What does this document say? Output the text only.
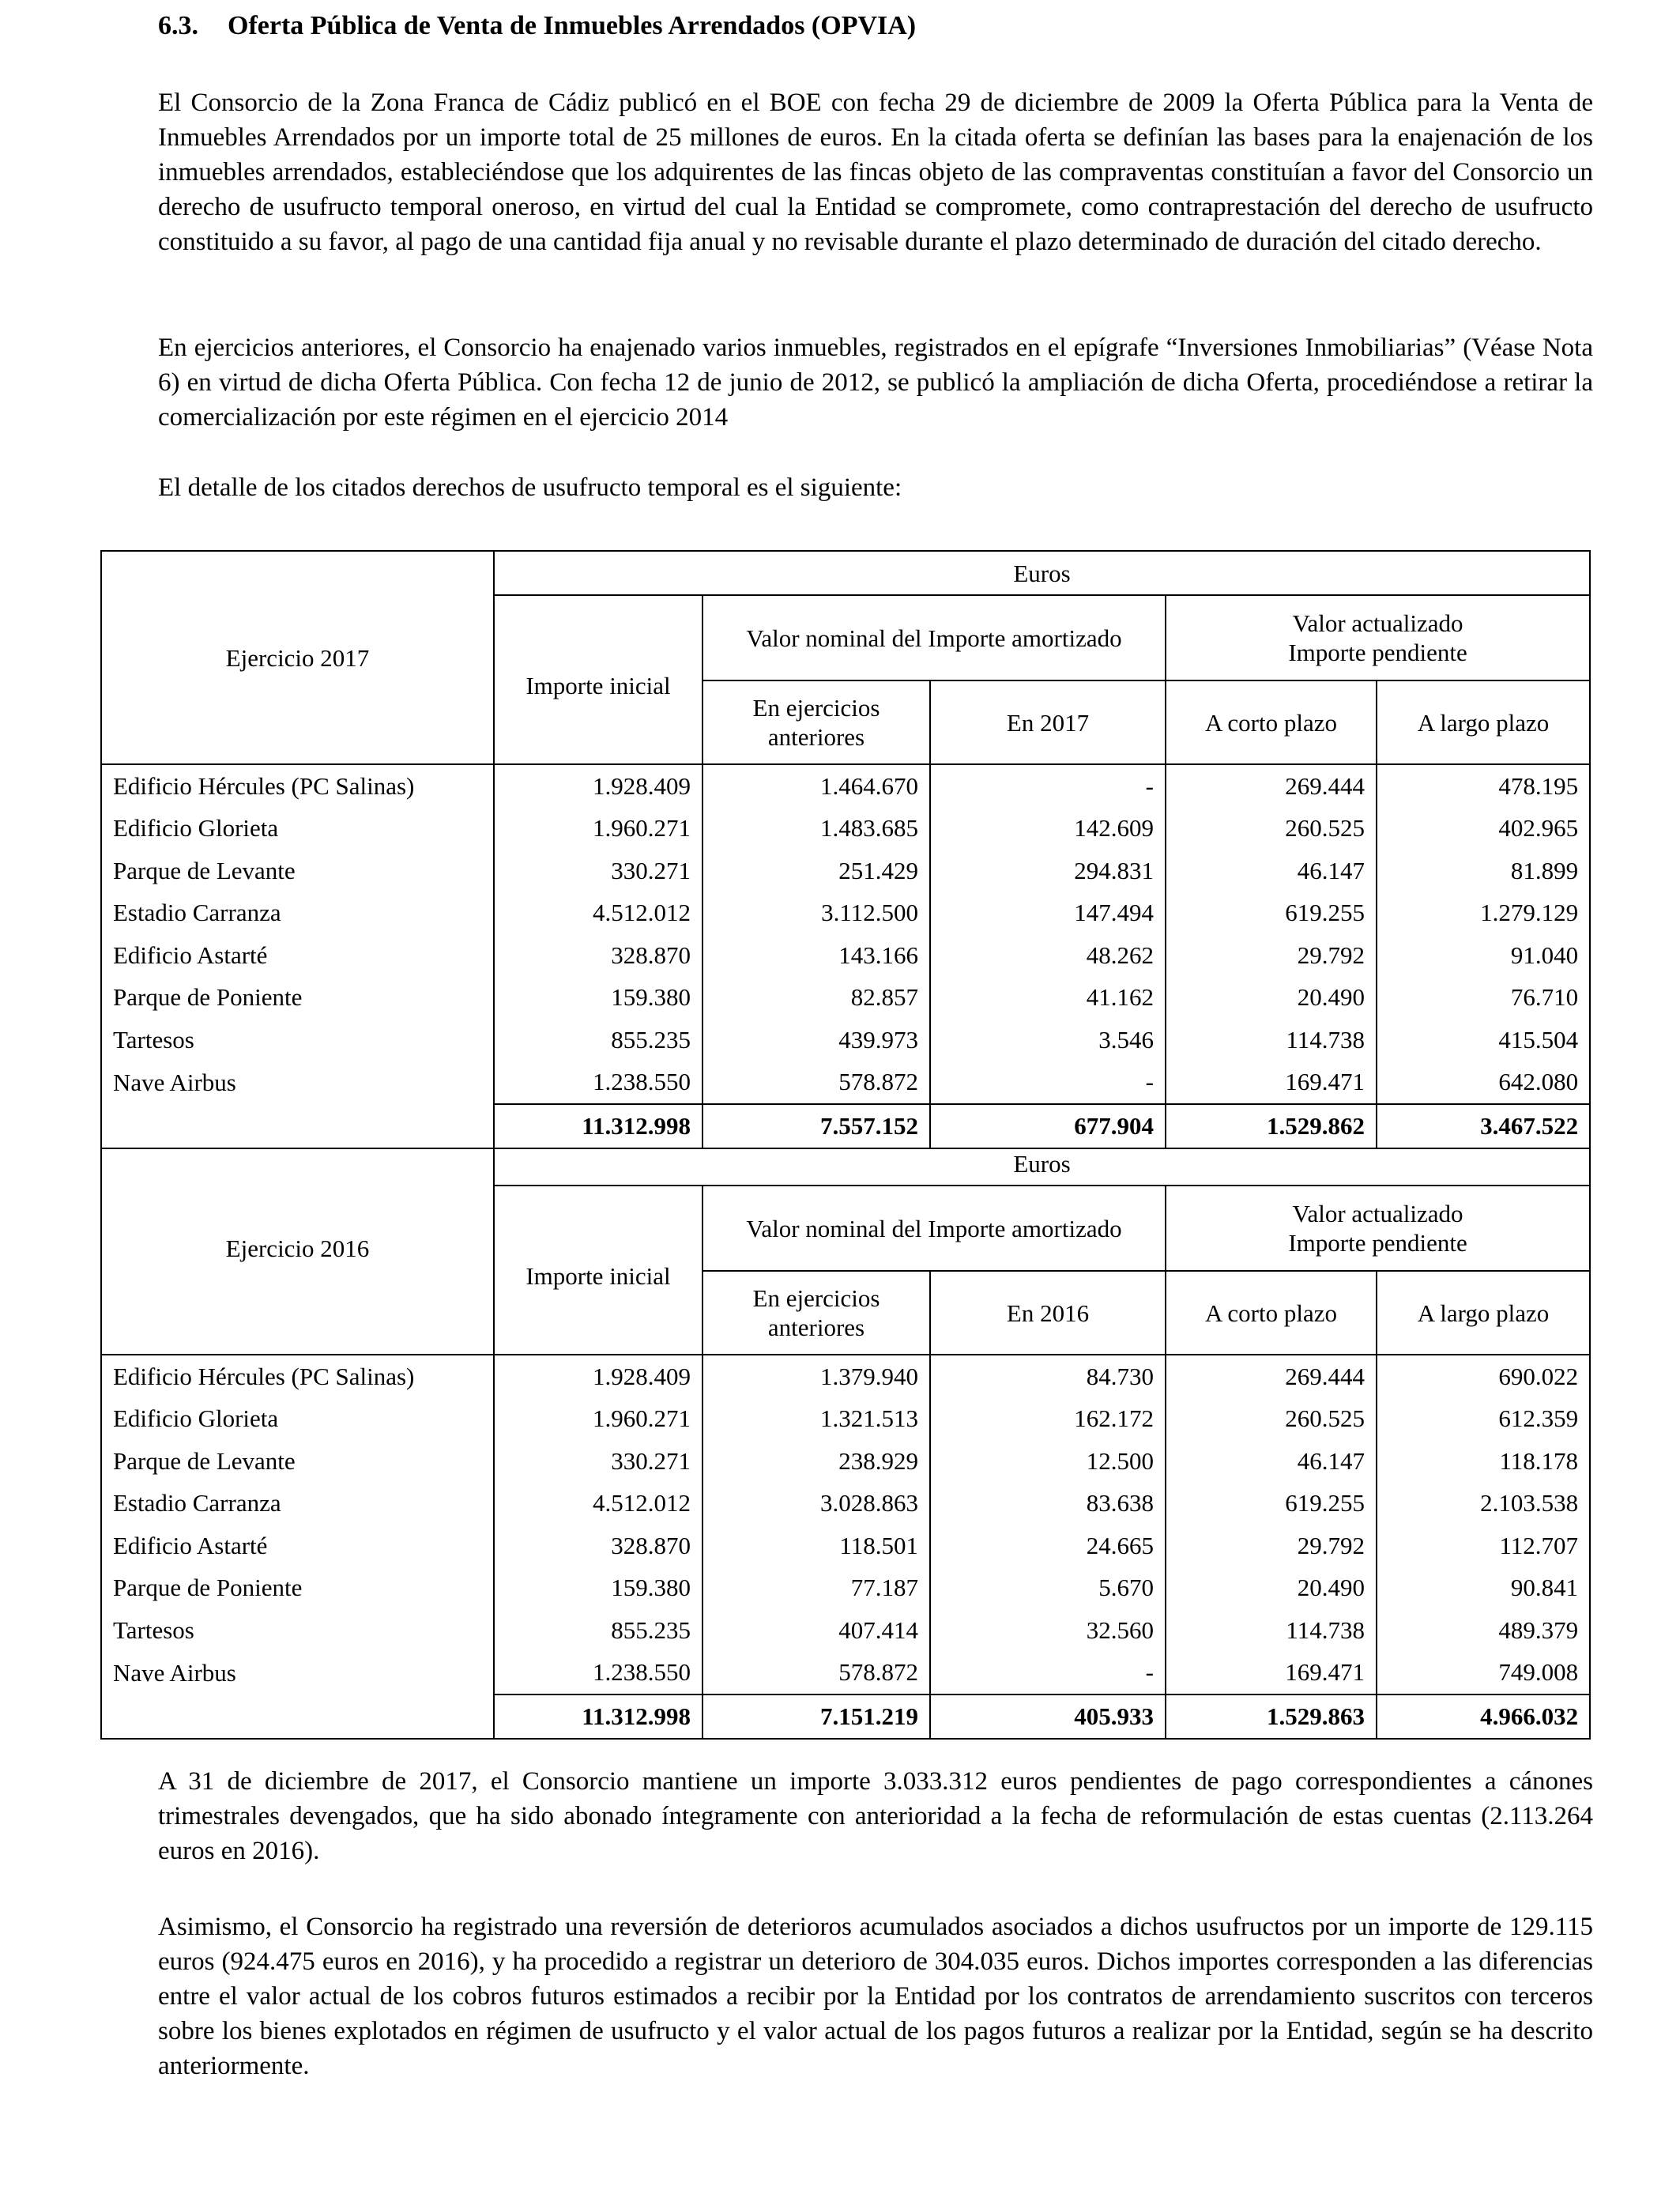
6.3. Oferta Pública de Venta de Inmuebles Arrendados (OPVIA)

El Consorcio de la Zona Franca de Cádiz publicó en el BOE con fecha 29 de diciembre de 2009 la Oferta Pública para la Venta de Inmuebles Arrendados por un importe total de 25 millones de euros. En la citada oferta se definían las bases para la enajenación de los inmuebles arrendados, estableciéndose que los adquirentes de las fincas objeto de las compraventas constituían a favor del Consorcio un derecho de usufructo temporal oneroso, en virtud del cual la Entidad se compromete, como contraprestación del derecho de usufructo constituido a su favor, al pago de una cantidad fija anual y no revisable durante el plazo determinado de duración del citado derecho.

En ejercicios anteriores, el Consorcio ha enajenado varios inmuebles, registrados en el epígrafe “Inversiones Inmobiliarias” (Véase Nota 6) en virtud de dicha Oferta Pública. Con fecha 12 de junio de 2012, se publicó la ampliación de dicha Oferta, procediéndose a retirar la comercialización por este régimen en el ejercicio 2014

El detalle de los citados derechos de usufructo temporal es el siguiente:

Ejercicio 2017	Euros				
	Importe inicial	Valor nominal del Importe amortizado		Valor actualizado
Importe pendiente	
		En ejercicios
anteriores	En 2017	A corto plazo	A largo plazo
Edificio Hércules (PC Salinas)	1.928.409	1.464.670	-	269.444	478.195
Edificio Glorieta	1.960.271	1.483.685	142.609	260.525	402.965
Parque de Levante	330.271	251.429	294.831	46.147	81.899
Estadio Carranza	4.512.012	3.112.500	147.494	619.255	1.279.129
Edificio Astarté	328.870	143.166	48.262	29.792	91.040
Parque de Poniente	159.380	82.857	41.162	20.490	76.710
Tartesos	855.235	439.973	3.546	114.738	415.504
Nave Airbus	1.238.550	578.872	-	169.471	642.080
	11.312.998	7.557.152	677.904	1.529.862	3.467.522
Ejercicio 2016	Euros				
	Importe inicial	Valor nominal del Importe amortizado		Valor actualizado
Importe pendiente	
		En ejercicios
anteriores	En 2016	A corto plazo	A largo plazo
Edificio Hércules (PC Salinas)	1.928.409	1.379.940	84.730	269.444	690.022
Edificio Glorieta	1.960.271	1.321.513	162.172	260.525	612.359
Parque de Levante	330.271	238.929	12.500	46.147	118.178
Estadio Carranza	4.512.012	3.028.863	83.638	619.255	2.103.538
Edificio Astarté	328.870	118.501	24.665	29.792	112.707
Parque de Poniente	159.380	77.187	5.670	20.490	90.841
Tartesos	855.235	407.414	32.560	114.738	489.379
Nave Airbus	1.238.550	578.872	-	169.471	749.008
	11.312.998	7.151.219	405.933	1.529.863	4.966.032

A 31 de diciembre de 2017, el Consorcio mantiene un importe 3.033.312 euros pendientes de pago correspondientes a cánones trimestrales devengados, que ha sido abonado íntegramente con anterioridad a la fecha de reformulación de estas cuentas (2.113.264 euros en 2016).

Asimismo, el Consorcio ha registrado una reversión de deterioros acumulados asociados a dichos usufructos por un importe de 129.115 euros (924.475 euros en 2016), y ha procedido a registrar un deterioro de 304.035 euros. Dichos importes corresponden a las diferencias entre el valor actual de los cobros futuros estimados a recibir por la Entidad por los contratos de arrendamiento suscritos con terceros sobre los bienes explotados en régimen de usufructo y el valor actual de los pagos futuros a realizar por la Entidad, según se ha descrito anteriormente.
